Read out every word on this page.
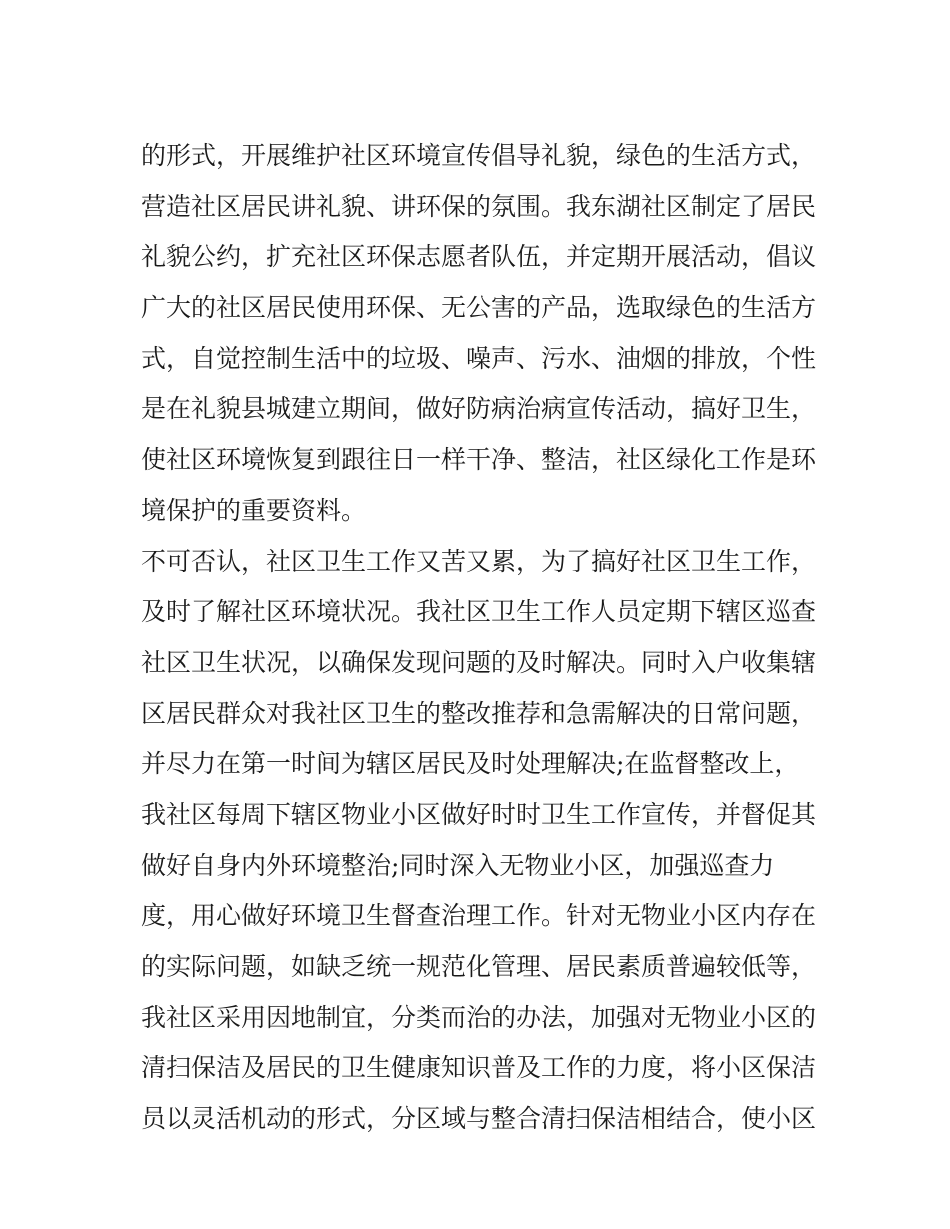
的形式，开展维护社区环境宣传倡导礼貌，绿色的生活方式，
营造社区居民讲礼貌、讲环保的氛围。我东湖社区制定了居民
礼貌公约，扩充社区环保志愿者队伍，并定期开展活动，倡议
广大的社区居民使用环保、无公害的产品，选取绿色的生活方
式，自觉控制生活中的垃圾、噪声、污水、油烟的排放，个性
是在礼貌县城建立期间，做好防病治病宣传活动，搞好卫生，
使社区环境恢复到跟往日一样干净、整洁，社区绿化工作是环
境保护的重要资料。
不可否认，社区卫生工作又苦又累，为了搞好社区卫生工作，
及时了解社区环境状况。我社区卫生工作人员定期下辖区巡查
社区卫生状况，以确保发现问题的及时解决。同时入户收集辖
区居民群众对我社区卫生的整改推荐和急需解决的日常问题，
并尽力在第一时间为辖区居民及时处理解决;在监督整改上，
我社区每周下辖区物业小区做好时时卫生工作宣传，并督促其
做好自身内外环境整治;同时深入无物业小区，加强巡查力
度，用心做好环境卫生督查治理工作。针对无物业小区内存在
的实际问题，如缺乏统一规范化管理、居民素质普遍较低等，
我社区采用因地制宜，分类而治的办法，加强对无物业小区的
清扫保洁及居民的卫生健康知识普及工作的力度，将小区保洁
员以灵活机动的形式，分区域与整合清扫保洁相结合，使小区
